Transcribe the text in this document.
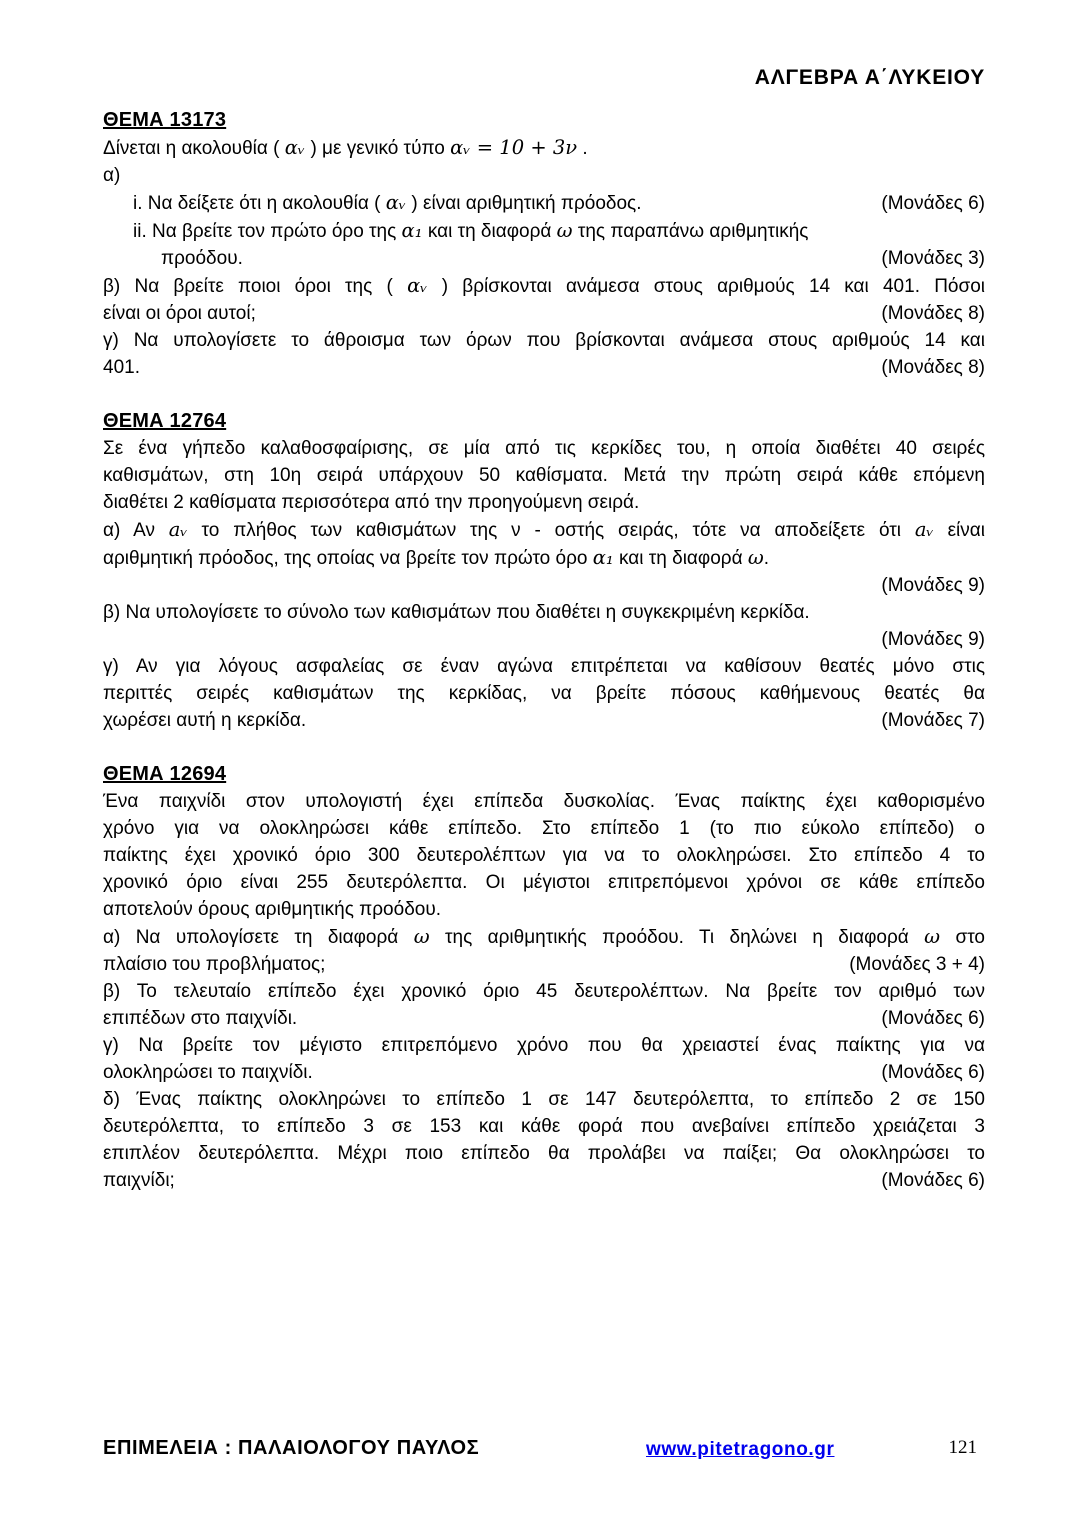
ΑΛΓΕΒΡΑ Α΄ΛΥΚΕΙΟΥ
ΘΕΜΑ 13173
Δίνεται η ακολουθία ( αᵥ ) με γενικό τύπο αᵥ = 10 + 3ν .
α)
i. Να δείξετε ότι η ακολουθία ( αᵥ ) είναι αριθμητική πρόοδος.	(Μονάδες 6)
ii. Να βρείτε τον πρώτο όρο της α₁ και τη διαφορά ω της παραπάνω αριθμητικής
προόδου.	(Μονάδες 3)
β) Να βρείτε ποιοι όροι της ( αᵥ ) βρίσκονται ανάμεσα στους αριθμούς 14 και 401. Πόσοι
είναι οι όροι αυτοί;	(Μονάδες 8)
γ) Να υπολογίσετε το άθροισμα των όρων που βρίσκονται ανάμεσα στους αριθμούς 14 και
401.	(Μονάδες 8)
ΘΕΜΑ 12764
Σε ένα γήπεδο καλαθοσφαίρισης, σε μία από τις κερκίδες του, η οποία διαθέτει 40 σειρές
καθισμάτων, στη 10η σειρά υπάρχουν 50 καθίσματα. Μετά την πρώτη σειρά κάθε επόμενη
διαθέτει 2 καθίσματα περισσότερα από την προηγούμενη σειρά.
α) Αν aᵥ το πλήθος των καθισμάτων της ν - οστής σειράς, τότε να αποδείξετε ότι aᵥ είναι
αριθμητική πρόοδος, της οποίας να βρείτε τον πρώτο όρο α₁ και τη διαφορά ω.
(Μονάδες 9)
β) Να υπολογίσετε το σύνολο των καθισμάτων που διαθέτει η συγκεκριμένη κερκίδα.
(Μονάδες 9)
γ) Αν για λόγους ασφαλείας σε έναν αγώνα επιτρέπεται να καθίσουν θεατές μόνο στις
περιττές σειρές καθισμάτων της κερκίδας, να βρείτε πόσους καθήμενους θεατές θα
χωρέσει αυτή η κερκίδα.	(Μονάδες 7)
ΘΕΜΑ 12694
Ένα παιχνίδι στον υπολογιστή έχει επίπεδα δυσκολίας. Ένας παίκτης έχει καθορισμένο
χρόνο για να ολοκληρώσει κάθε επίπεδο. Στο επίπεδο 1 (το πιο εύκολο επίπεδο) ο
παίκτης έχει χρονικό όριο 300 δευτερολέπτων για να το ολοκληρώσει. Στο επίπεδο 4 το
χρονικό όριο είναι 255 δευτερόλεπτα. Οι μέγιστοι επιτρεπόμενοι χρόνοι σε κάθε επίπεδο
αποτελούν όρους αριθμητικής προόδου.
α) Να υπολογίσετε τη διαφορά ω της αριθμητικής προόδου. Τι δηλώνει η διαφορά ω στο
πλαίσιο του προβλήματος;	(Μονάδες 3 + 4)
β) Το τελευταίο επίπεδο έχει χρονικό όριο 45 δευτερολέπτων. Να βρείτε τον αριθμό των
επιπέδων στο παιχνίδι.	(Μονάδες 6)
γ) Να βρείτε τον μέγιστο επιτρεπόμενο χρόνο που θα χρειαστεί ένας παίκτης για να
ολοκληρώσει το παιχνίδι.	(Μονάδες 6)
δ) Ένας παίκτης ολοκληρώνει το επίπεδο 1 σε 147 δευτερόλεπτα, το επίπεδο 2 σε 150
δευτερόλεπτα, το επίπεδο 3 σε 153 και κάθε φορά που ανεβαίνει επίπεδο χρειάζεται 3
επιπλέον δευτερόλεπτα. Μέχρι ποιο επίπεδο θα προλάβει να παίξει; Θα ολοκληρώσει το
παιχνίδι;	(Μονάδες 6)
ΕΠΙΜΕΛΕΙΑ : ΠΑΛΑΙΟΛΟΓΟΥ ΠΑΥΛΟΣ	www.pitetragono.gr	121
